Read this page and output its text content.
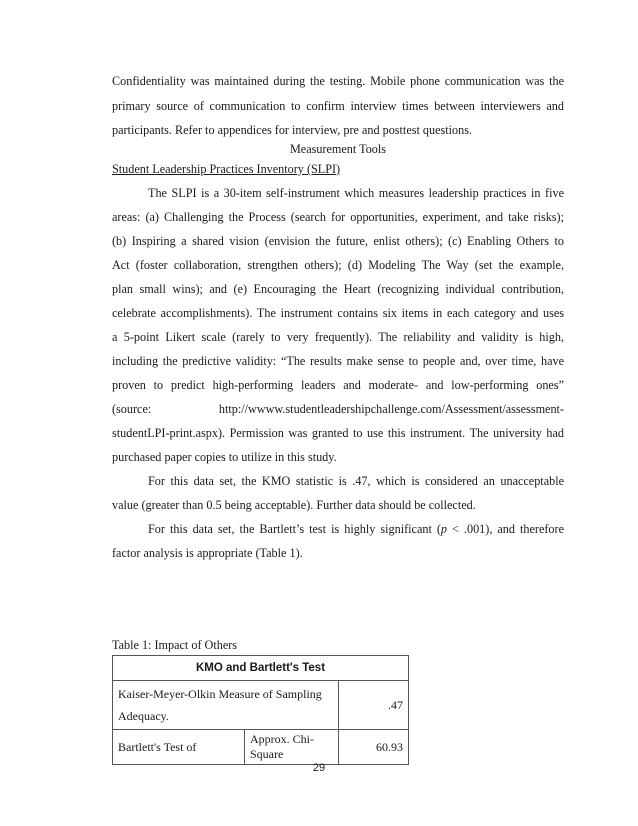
Confidentiality was maintained during the testing. Mobile phone communication was the
primary source of communication to confirm interview times between interviewers and
participants. Refer to appendices for interview, pre and posttest questions.
Measurement Tools
Student Leadership Practices Inventory (SLPI)
The SLPI is a 30-item self-instrument which measures leadership practices in five
areas: (a) Challenging the Process (search for opportunities, experiment, and take risks);
(b) Inspiring a shared vision (envision the future, enlist others); (c) Enabling Others to
Act (foster collaboration, strengthen others); (d) Modeling The Way (set the example,
plan small wins); and (e) Encouraging the Heart (recognizing individual contribution,
celebrate accomplishments). The instrument contains six items in each category and uses
a 5-point Likert scale (rarely to very frequently). The reliability and validity is high,
including the predictive validity: “The results make sense to people and, over time, have
proven to predict high-performing leaders and moderate- and low-performing ones”
(source: http://wwww.studentleadershipchallenge.com/Assessment/assessment-
studentLPI-print.aspx). Permission was granted to use this instrument. The university had
purchased paper copies to utilize in this study.
For this data set, the KMO statistic is .47, which is considered an unacceptable
value (greater than 0.5 being acceptable). Further data should be collected.
For this data set, the Bartlett’s test is highly significant (p < .001), and therefore
factor analysis is appropriate (Table 1).
Table 1: Impact of Others
KMO and Bartlett's Test		

Kaiser-Meyer-Olkin Measure of Sampling
Adequacy.		.47
Bartlett's Test of	Approx. Chi-Square	60.93
29
